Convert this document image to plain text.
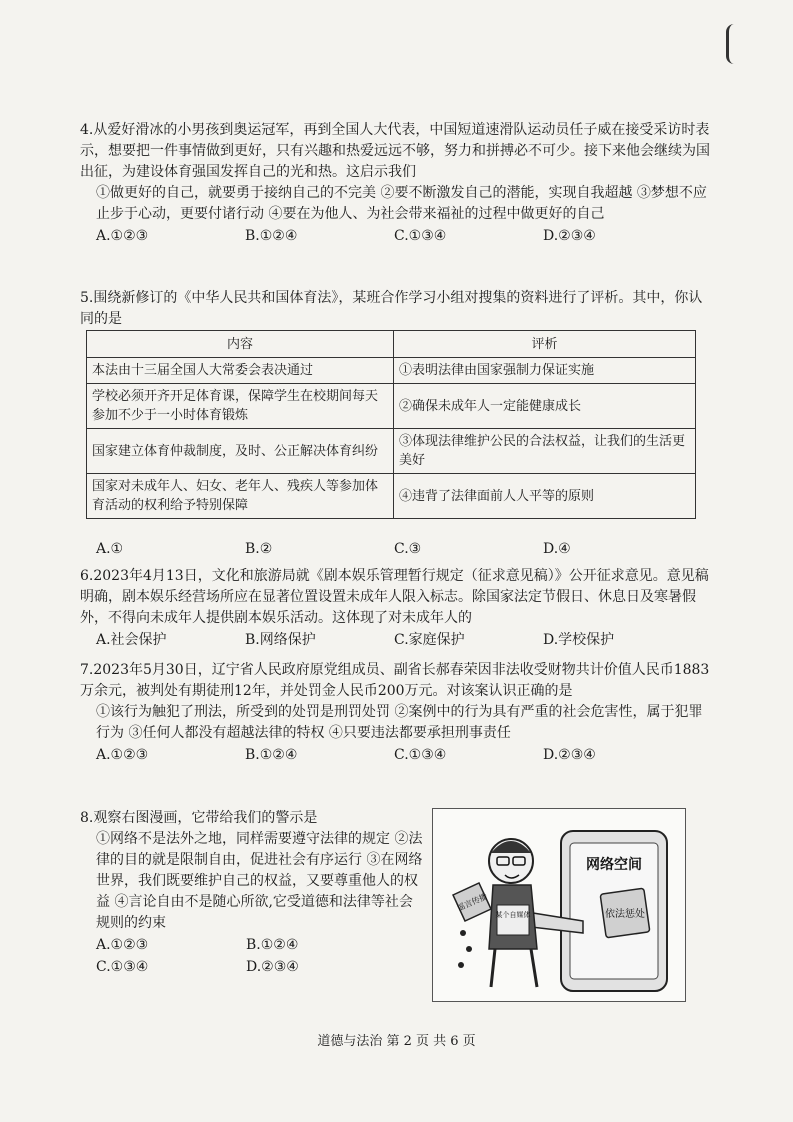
4.从爱好滑冰的小男孩到奥运冠军，再到全国人大代表，中国短道速滑队运动员任子威在接受采访时表示，想要把一件事情做到更好，只有兴趣和热爱远远不够，努力和拼搏必不可少。接下来他会继续为国出征，为建设体育强国发挥自己的光和热。这启示我们

①做更好的自己，就要勇于接纳自己的不完美 ②要不断激发自己的潜能，实现自我超越 ③梦想不应止步于心动，更要付诸行动 ④要在为他人、为社会带来福祉的过程中做更好的自己

A.①②③	B.①②④	C.①③④	D.②③④

5.围绕新修订的《中华人民共和国体育法》，某班合作学习小组对搜集的资料进行了评析。其中，你认同的是

内容	评析
本法由十三届全国人大常委会表决通过	①表明法律由国家强制力保证实施
学校必须开齐开足体育课，保障学生在校期间每天参加不少于一小时体育锻炼	②确保未成年人一定能健康成长
国家建立体育仲裁制度，及时、公正解决体育纠纷	③体现法律维护公民的合法权益，让我们的生活更美好
国家对未成年人、妇女、老年人、残疾人等参加体育活动的权利给予特别保障	④违背了法律面前人人平等的原则
A.①	B.②	C.③	D.④

6.2023年4月13日，文化和旅游局就《剧本娱乐管理暂行规定（征求意见稿）》公开征求意见。意见稿明确，剧本娱乐经营场所应在显著位置设置未成年人限入标志。除国家法定节假日、休息日及寒暑假外，不得向未成年人提供剧本娱乐活动。这体现了对未成年人的

A.社会保护	B.网络保护	C.家庭保护	D.学校保护

7.2023年5月30日，辽宁省人民政府原党组成员、副省长郝春荣因非法收受财物共计价值人民币1883万余元，被判处有期徒刑12年，并处罚金人民币200万元。对该案认识正确的是

①该行为触犯了刑法，所受到的处罚是刑罚处罚 ②案例中的行为具有严重的社会危害性，属于犯罪行为 ③任何人都没有超越法律的特权 ④只要违法都要承担刑事责任

A.①②③	B.①②④	C.①③④	D.②③④

8.观察右图漫画，它带给我们的警示是

①网络不是法外之地，同样需要遵守法律的规定 ②法律的目的就是限制自由，促进社会有序运行 ③在网络世界，我们既要维护自己的权益，又要尊重他人的权益 ④言论自由不是随心所欲,它受道德和法律等社会规则的约束

A.①②③	B.①②④
C.①③④	D.②③④
网络空间
依法惩处
某个自媒体
谣言传播
道德与法治 第 2 页 共 6 页
